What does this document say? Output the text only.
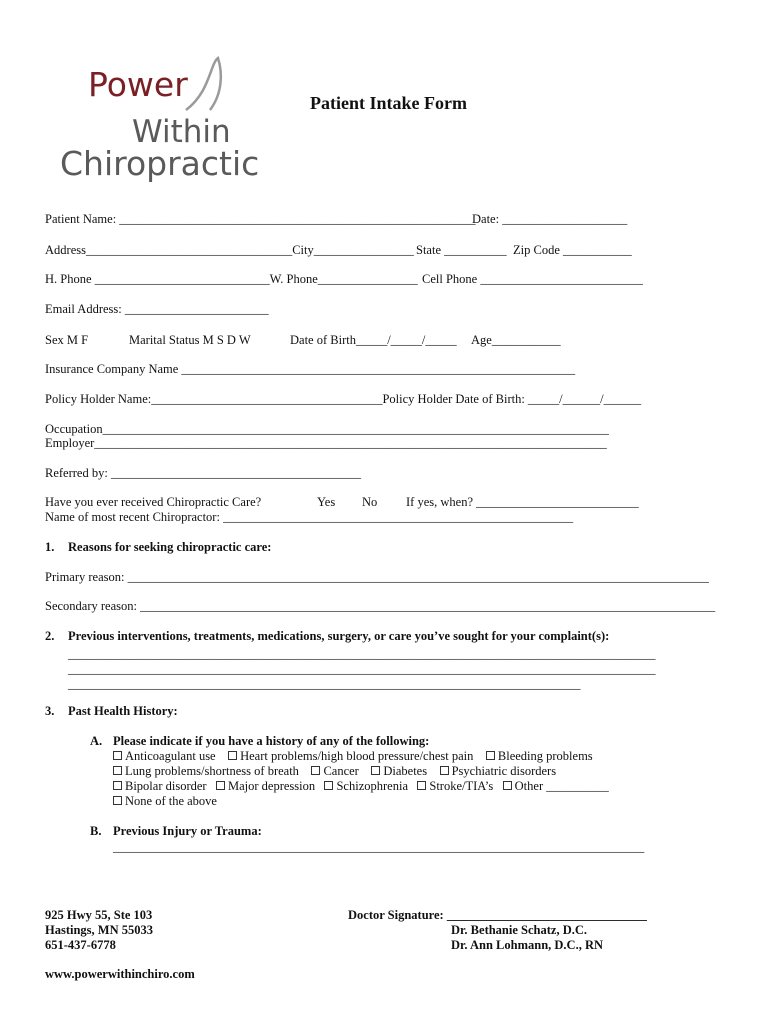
Power
Within
Chiropractic
Patient Intake Form
Patient Name: _________________________________________________________
Date: ____________________
Address_________________________________City________________ State __________ Zip Code ___________
H. Phone ____________________________W. Phone________________ Cell Phone __________________________
Email Address: _______________________
Sex M F	Marital Status M S D W	Date of Birth_____/_____/_____ Age___________
Insurance Company Name _______________________________________________________________
Policy Holder Name:_____________________________________Policy Holder Date of Birth: _____/______/______
Occupation_________________________________________________________________________________
Employer__________________________________________________________________________________
Referred by: ________________________________________
Have you ever received Chiropractic Care?	Yes No If yes, when? __________________________
Name of most recent Chiropractor: ________________________________________________________
1. Reasons for seeking chiropractic care:
Primary reason: _____________________________________________________________________________________________
Secondary reason: ____________________________________________________________________________________________
2. Previous interventions, treatments, medications, surgery, or care you’ve sought for your complaint(s):
______________________________________________________________________________________________
______________________________________________________________________________________________
__________________________________________________________________________________
3. Past Health History:
A. Please indicate if you have a history of any of the following:
Anticoagulant use Heart problems/high blood pressure/chest pain Bleeding problems
Lung problems/shortness of breath Cancer Diabetes Psychiatric disorders
Bipolar disorder Major depression Schizophrenia Stroke/TIA’s Other __________
None of the above
B. Previous Injury or Trauma:
_____________________________________________________________________________________
925 Hwy 55, Ste 103
Hastings, MN 55033
651-437-6778
www.powerwithinchiro.com
Doctor Signature: ________________________________
Dr. Bethanie Schatz, D.C.
Dr. Ann Lohmann, D.C., RN
